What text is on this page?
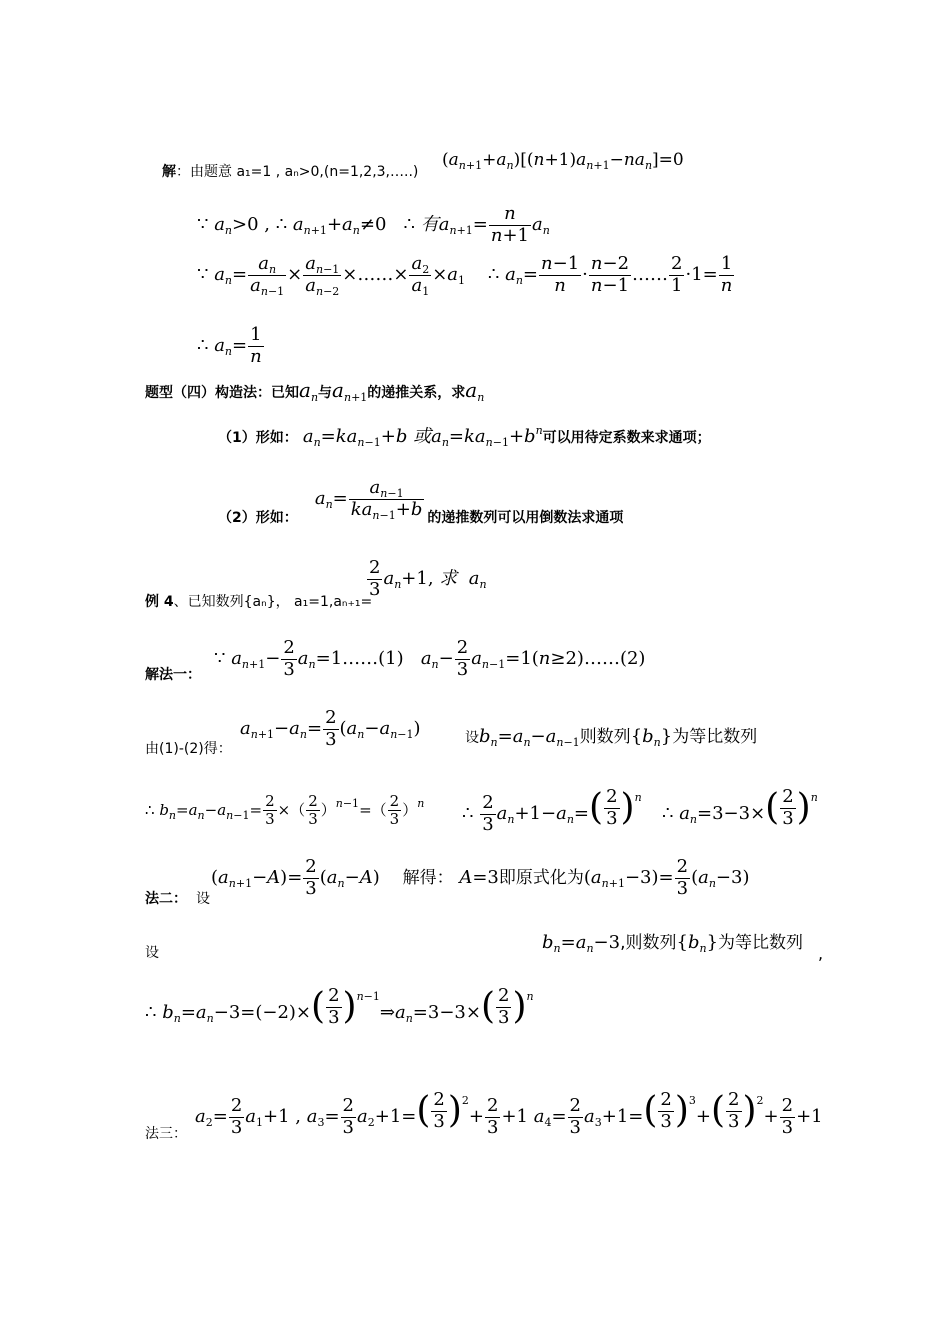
解：由题意 a₁=1 , aₙ>0,(n=1,2,3,…..)
$(a_{n+1}+a_n)[(n+1)a_{n+1}-na_n]=0$
∵ $a_n>0$ , ∴ $a_{n+1}+a_n\ne 0$   ∴ 有$a_{n+1}= \frac{n}{n+1} a_n$
∵ $a_n= \frac{a_n}{a_{n-1}} \times \frac{a_{n-1}}{a_{n-2}}$ ×……× $\frac{a_2}{a_1} \times a_1$    ∴ $a_n= \frac{n-1}{n} \cdot \frac{n-2}{n-1}$ …… $\frac{2}{1} \cdot 1= \frac{1}{n}$
∴ $a_n= \frac{1}{n}$
题型（四）构造法：已知$a_n$与$a_{n+1}$的递推关系，求$a_n$
（1）形如： $a_n=ka_{n-1}+b$ 或$a_n=ka_{n-1}+b^n$可以用待定系数来求通项；
（2）形如： $a_n=$
$a_{n-1}$
$ka_{n-1}+b$ 的递推数列可以用倒数法求通项
例 4、已知数列{aₙ}， a₁=1,aₙ₊₁=
$\frac{2}{3} a_n+1$, 求 $a_n$
解法一：
∵ $a_{n+1}- \frac{2}{3}$ $a_n=1\dots\dots(1)$   $a_n- \frac{2}{3}$ $a_{n-1}=1(n\ge 2)\dots\dots(2)$
由(1)-(2)得：
$a_{n+1}-a_n= \frac{2}{3} (a_n-a_{n-1})$	设$b_n=a_n-a_{n-1}$则数列$\{b_n\}$为等比数列
∴ $b_n=a_n-a_{n-1}= \frac{2}{3}$ ×（ $\frac{2}{3} )^{n-1}=( \frac{2}{3} )^n$ ∴ $\frac{2}{3} a_n+1-a_n=$ ( 2
3 ) $^n$
∴ $a_n=3-3\times$ ( 2
3 ) $^n$
法二： 设
$(a_{n+1}-A)= \frac{2}{3} (a_n-A)$    解得： A=3即原式化为$(a_{n+1}-3)= \frac{2}{3} (a_n-3)$
设	$b_n=a_n-3$,则数列$\{b_n\}$为等比数列
,
∴ $b_n=a_n-3=(-2)\times$ ( 2
3 ) $^{n-1}\Rightarrow a_n=3-3\times$ ( 2
3 ) $^n$
法三：
$a_2= \frac{2}{3} a_1+1$ , $a_3= \frac{2}{3} a_2+1=$ ( 2
3 ) $^2+ \frac{2}{3} +1$ $a_4= \frac{2}{3} a_3+1=$ ( 2
3 ) $^3$+ ( 2
3 ) $^2+ \frac{2}{3} +1$
